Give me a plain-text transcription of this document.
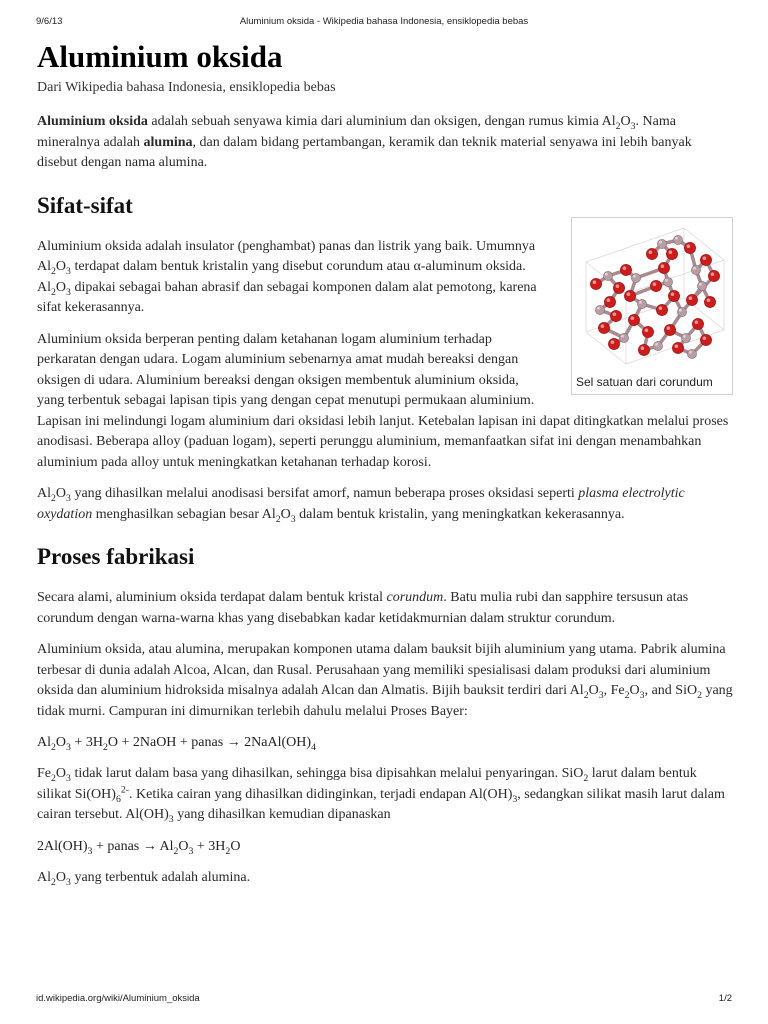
9/6/13	Aluminium oksida - Wikipedia bahasa Indonesia, ensiklopedia bebas
Aluminium oksida
Dari Wikipedia bahasa Indonesia, ensiklopedia bebas

Aluminium oksida adalah sebuah senyawa kimia dari aluminium dan oksigen, dengan rumus kimia $Al_2O_3$. Nama mineralnya adalah alumina, dan dalam bidang pertambangan, keramik dan teknik material senyawa ini lebih banyak disebut dengan nama alumina.

Sifat-sifat
Sel satuan dari corundum

Aluminium oksida adalah insulator (penghambat) panas dan listrik yang baik. Umumnya $Al_2O_3$ terdapat dalam bentuk kristalin yang disebut corundum atau α-aluminum oksida. $Al_2O_3$ dipakai sebagai bahan abrasif dan sebagai komponen dalam alat pemotong, karena sifat kekerasannya.

Aluminium oksida berperan penting dalam ketahanan logam aluminium terhadap perkaratan dengan udara. Logam aluminium sebenarnya amat mudah bereaksi dengan oksigen di udara. Aluminium bereaksi dengan oksigen membentuk aluminium oksida, yang terbentuk sebagai lapisan tipis yang dengan cepat menutupi permukaan aluminium. Lapisan ini melindungi logam aluminium dari oksidasi lebih lanjut. Ketebalan lapisan ini dapat ditingkatkan melalui proses anodisasi. Beberapa alloy (paduan logam), seperti perunggu aluminium, memanfaatkan sifat ini dengan menambahkan aluminium pada alloy untuk meningkatkan ketahanan terhadap korosi.

$Al_2O_3$ yang dihasilkan melalui anodisasi bersifat amorf, namun beberapa proses oksidasi seperti plasma electrolytic oxydation menghasilkan sebagian besar $Al_2O_3$ dalam bentuk kristalin, yang meningkatkan kekerasannya.

Proses fabrikasi

Secara alami, aluminium oksida terdapat dalam bentuk kristal corundum. Batu mulia rubi dan sapphire tersusun atas corundum dengan warna-warna khas yang disebabkan kadar ketidakmurnian dalam struktur corundum.

Aluminium oksida, atau alumina, merupakan komponen utama dalam bauksit bijih aluminium yang utama. Pabrik alumina terbesar di dunia adalah Alcoa, Alcan, dan Rusal. Perusahaan yang memiliki spesialisasi dalam produksi dari aluminium oksida dan aluminium hidroksida misalnya adalah Alcan dan Almatis. Bijih bauksit terdiri dari $Al_2O_3$, $Fe_2O_3$, and SiO$_2$ yang tidak murni. Campuran ini dimurnikan terlebih dahulu melalui Proses Bayer:

$Al_2O_3 + 3H_2O$ + 2NaOH + panas → $2NaAl(OH)_4$

$Fe_2O_3$ tidak larut dalam basa yang dihasilkan, sehingga bisa dipisahkan melalui penyaringan. SiO$_2$ larut dalam bentuk silikat $Si(OH)_6^{2-}$. Ketika cairan yang dihasilkan didinginkan, terjadi endapan $Al(OH)_3$, sedangkan silikat masih larut dalam cairan tersebut. $Al(OH)_3$ yang dihasilkan kemudian dipanaskan

$2Al(OH)_3$ + panas → $Al_2O_3 + 3H_2O$

$Al_2O_3$ yang terbentuk adalah alumina.

id.wikipedia.org/wiki/Aluminium_oksida	1/2
